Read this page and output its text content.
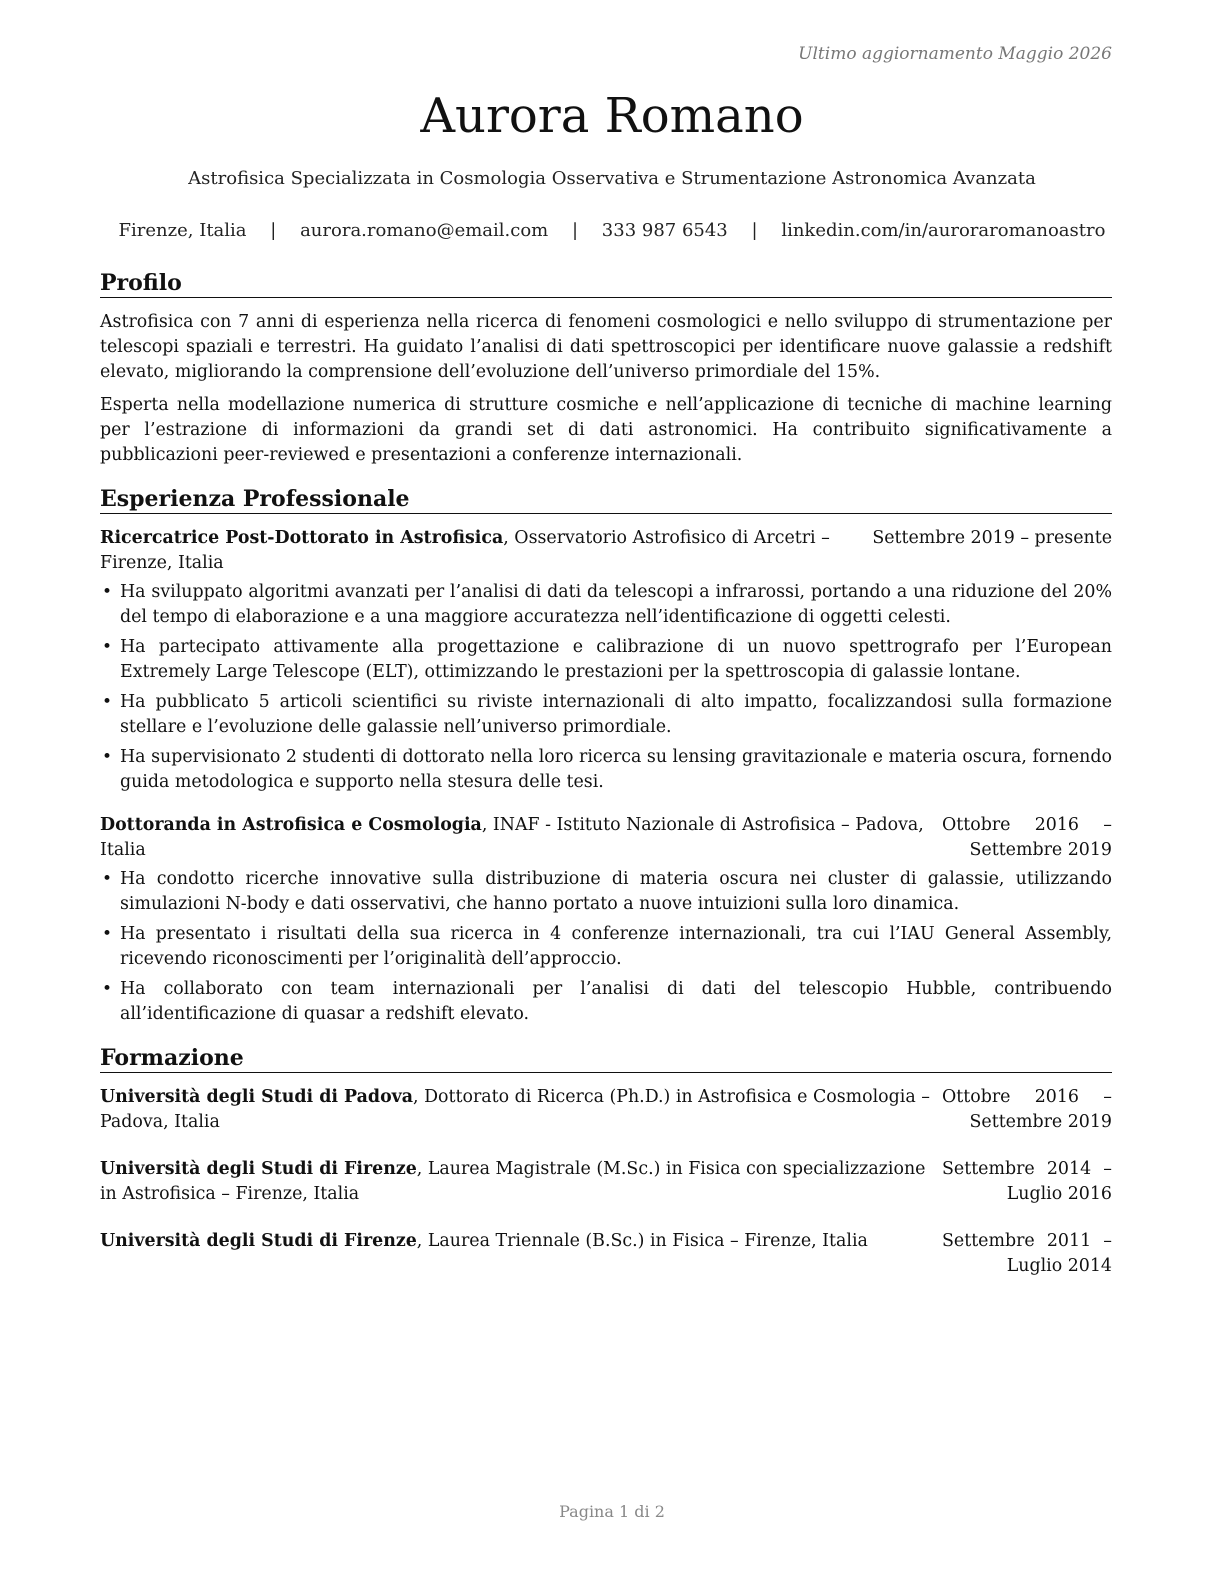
Ultimo aggiornamento Maggio 2026
Aurora Romano
Astrofisica Specializzata in Cosmologia Osservativa e Strumentazione Astronomica Avanzata
Firenze, Italia | aurora.romano@email.com | 333 987 6543 | linkedin.com/in/auroraromanoastro
Profilo

Astrofisica con 7 anni di esperienza nella ricerca di fenomeni cosmologici e nello sviluppo di strumentazione per telescopi spaziali e terrestri. Ha guidato l’analisi di dati spettroscopici per identificare nuove galassie a redshift elevato, migliorando la comprensione dell’evoluzione dell’universo primordiale del 15%.

Esperta nella modellazione numerica di strutture cosmiche e nell’applicazione di tecniche di machine learning per l’estrazione di informazioni da grandi set di dati astronomici. Ha contribuito significativamente a pubblicazioni peer-reviewed e presentazioni a conferenze internazionali.

Esperienza Professionale
Ricercatrice Post-Dottorato in Astrofisica, Osservatorio Astrofisico di Arcetri – Firenze, Italia
Settembre 2019 – presente
• Ha sviluppato algoritmi avanzati per l’analisi di dati da telescopi a infrarossi, portando a una riduzione del 20% del tempo di elaborazione e a una maggiore accuratezza nell’identificazione di oggetti celesti.
• Ha partecipato attivamente alla progettazione e calibrazione di un nuovo spettrografo per l’European Extremely Large Telescope (ELT), ottimizzando le prestazioni per la spettroscopia di galassie lontane.
• Ha pubblicato 5 articoli scientifici su riviste internazionali di alto impatto, focalizzandosi sulla formazione stellare e l’evoluzione delle galassie nell’universo primordiale.
• Ha supervisionato 2 studenti di dottorato nella loro ricerca su lensing gravitazionale e materia oscura, fornendo guida metodologica e supporto nella stesura delle tesi.
Dottoranda in Astrofisica e Cosmologia, INAF - Istituto Nazionale di Astrofisica – Padova, Italia
Ottobre 2016 – Settembre 2019
• Ha condotto ricerche innovative sulla distribuzione di materia oscura nei cluster di galassie, utilizzando simulazioni N-body e dati osservativi, che hanno portato a nuove intuizioni sulla loro dinamica.
• Ha presentato i risultati della sua ricerca in 4 conferenze internazionali, tra cui l’IAU General Assembly, ricevendo riconoscimenti per l’originalità dell’approccio.
• Ha collaborato con team internazionali per l’analisi di dati del telescopio Hubble, contribuendo all’identificazione di quasar a redshift elevato.
Formazione
Università degli Studi di Padova, Dottorato di Ricerca (Ph.D.) in Astrofisica e Cosmologia – Padova, Italia
Ottobre 2016 – Settembre 2019
Università degli Studi di Firenze, Laurea Magistrale (M.Sc.) in Fisica con specializzazione in Astrofisica – Firenze, Italia
Settembre 2014 – Luglio 2016
Università degli Studi di Firenze, Laurea Triennale (B.Sc.) in Fisica – Firenze, Italia	Settembre 2011 – Luglio 2014
Pagina 1 di 2
